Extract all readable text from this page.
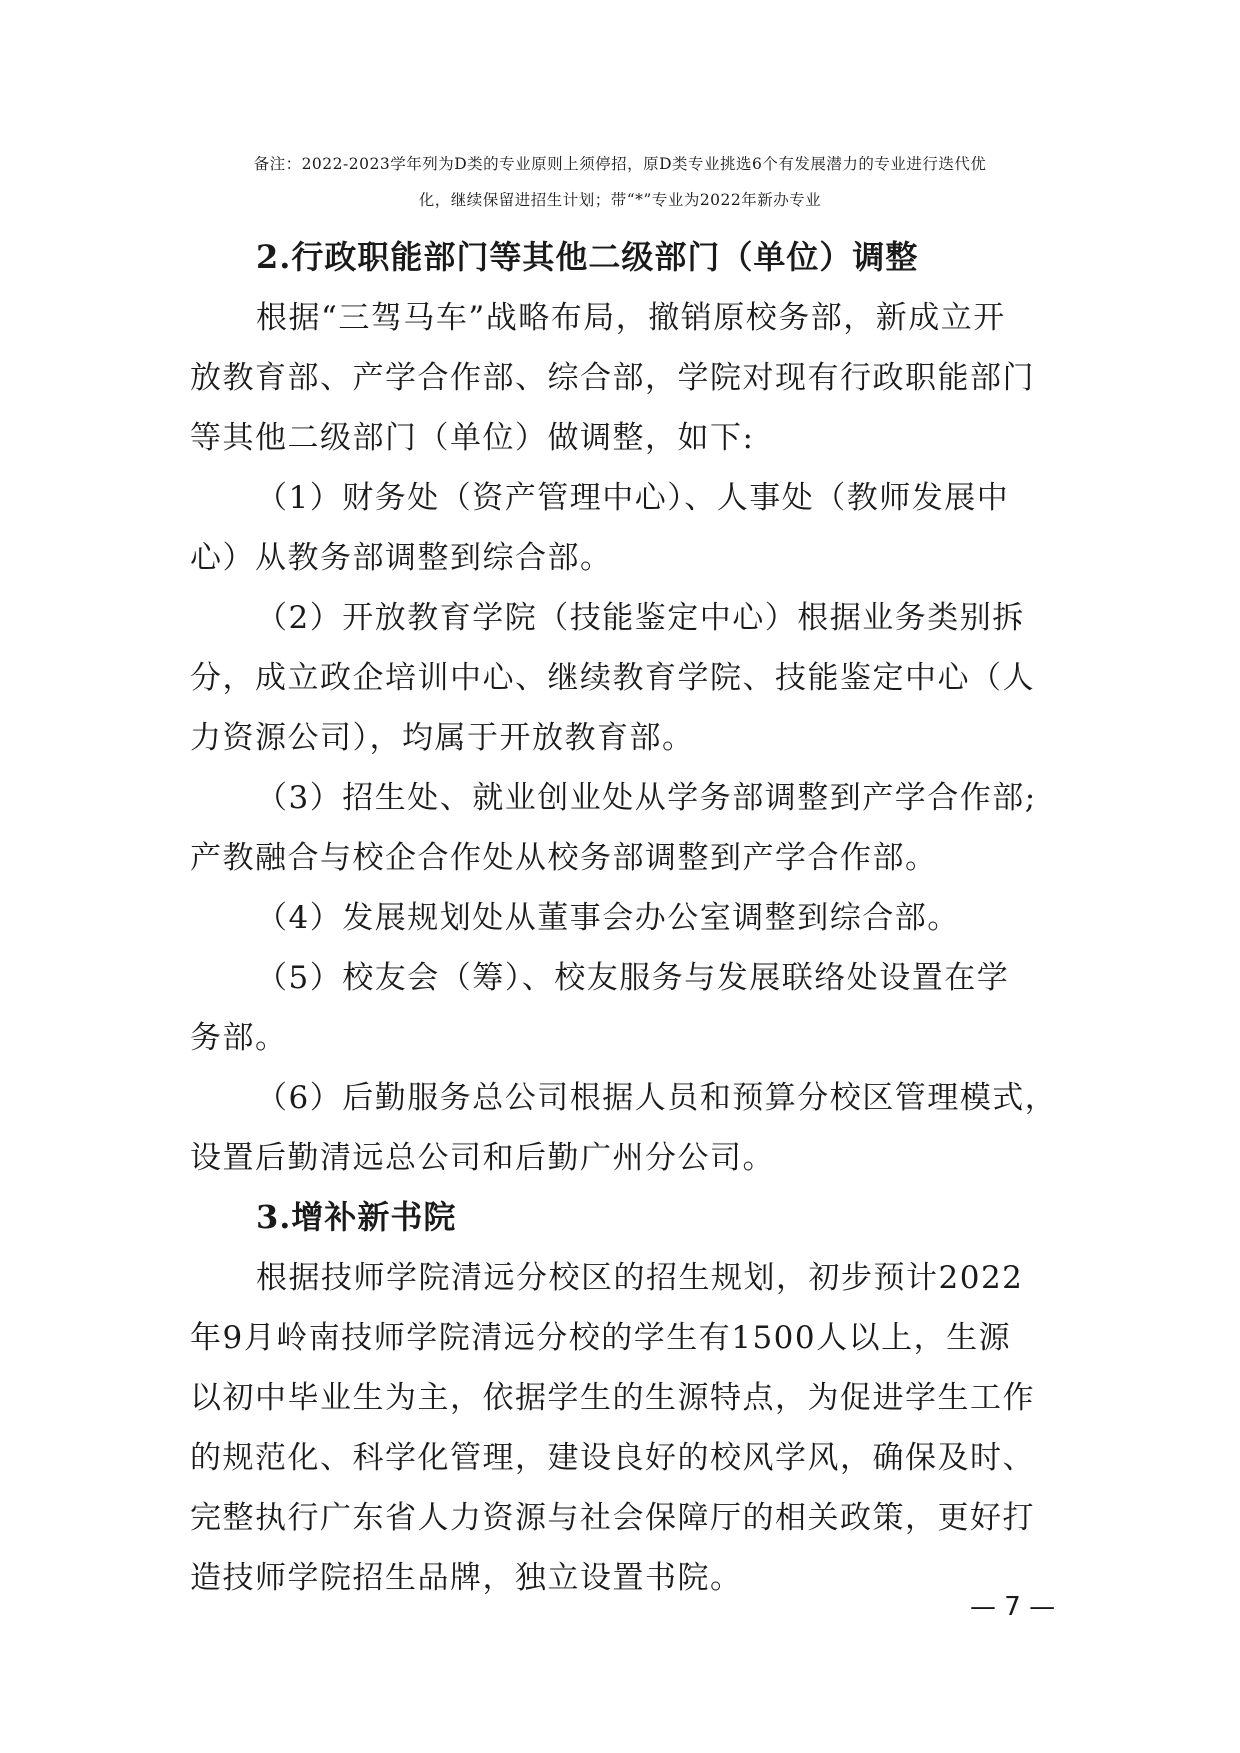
备注：2022-2023学年列为D类的专业原则上须停招，原D类专业挑选6个有发展潜力的专业进行迭代优
化，继续保留进招生计划；带“*”专业为2022年新办专业
2.行政职能部门等其他二级部门（单位）调整
根据“三驾马车”战略布局，撤销原校务部，新成立开
放教育部、产学合作部、综合部，学院对现有行政职能部门
等其他二级部门（单位）做调整，如下:
（1）财务处（资产管理中心）、人事处（教师发展中
心）从教务部调整到综合部。
（2）开放教育学院（技能鉴定中心）根据业务类别拆
分，成立政企培训中心、继续教育学院、技能鉴定中心（人
力资源公司），均属于开放教育部。
（3）招生处、就业创业处从学务部调整到产学合作部;
产教融合与校企合作处从校务部调整到产学合作部。
（4）发展规划处从董事会办公室调整到综合部。
（5）校友会（筹）、校友服务与发展联络处设置在学
务部。
（6）后勤服务总公司根据人员和预算分校区管理模式，
设置后勤清远总公司和后勤广州分公司。
3.增补新书院
根据技师学院清远分校区的招生规划，初步预计2022
年9月岭南技师学院清远分校的学生有1500人以上，生源
以初中毕业生为主，依据学生的生源特点，为促进学生工作
的规范化、科学化管理，建设良好的校风学风，确保及时、
完整执行广东省人力资源与社会保障厅的相关政策，更好打
造技师学院招生品牌，独立设置书院。
— 7 —
